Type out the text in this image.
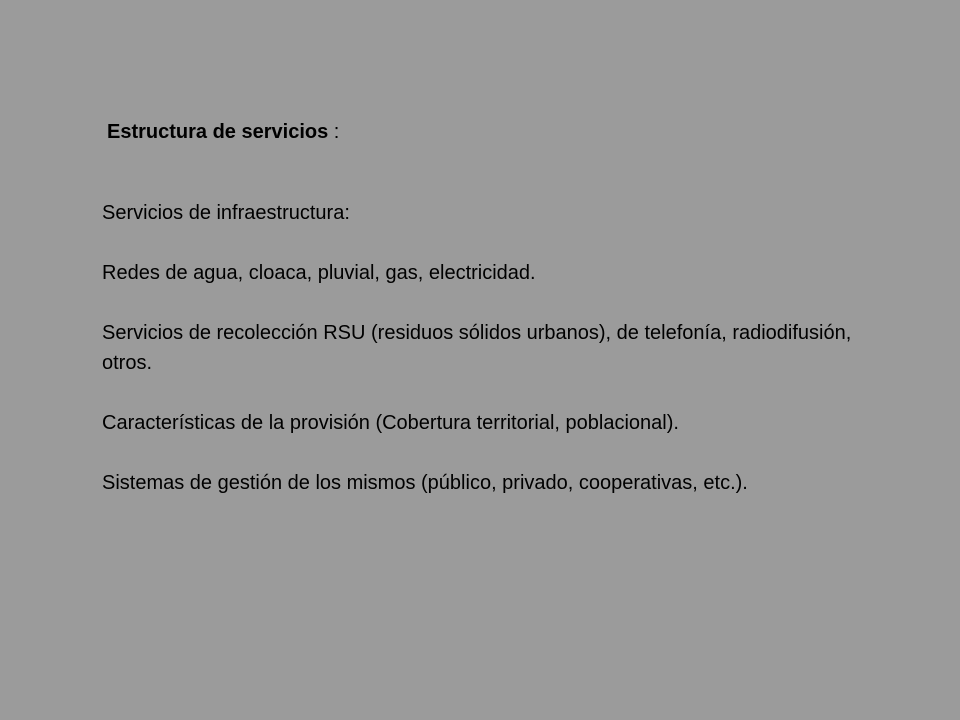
Estructura de servicios :

Servicios de infraestructura:

Redes de agua, cloaca, pluvial, gas, electricidad.

Servicios de recolección RSU (residuos sólidos urbanos), de telefonía, radiodifusión, otros.

Características de la provisión (Cobertura territorial, poblacional).

Sistemas de gestión de los mismos (público, privado, cooperativas, etc.).
